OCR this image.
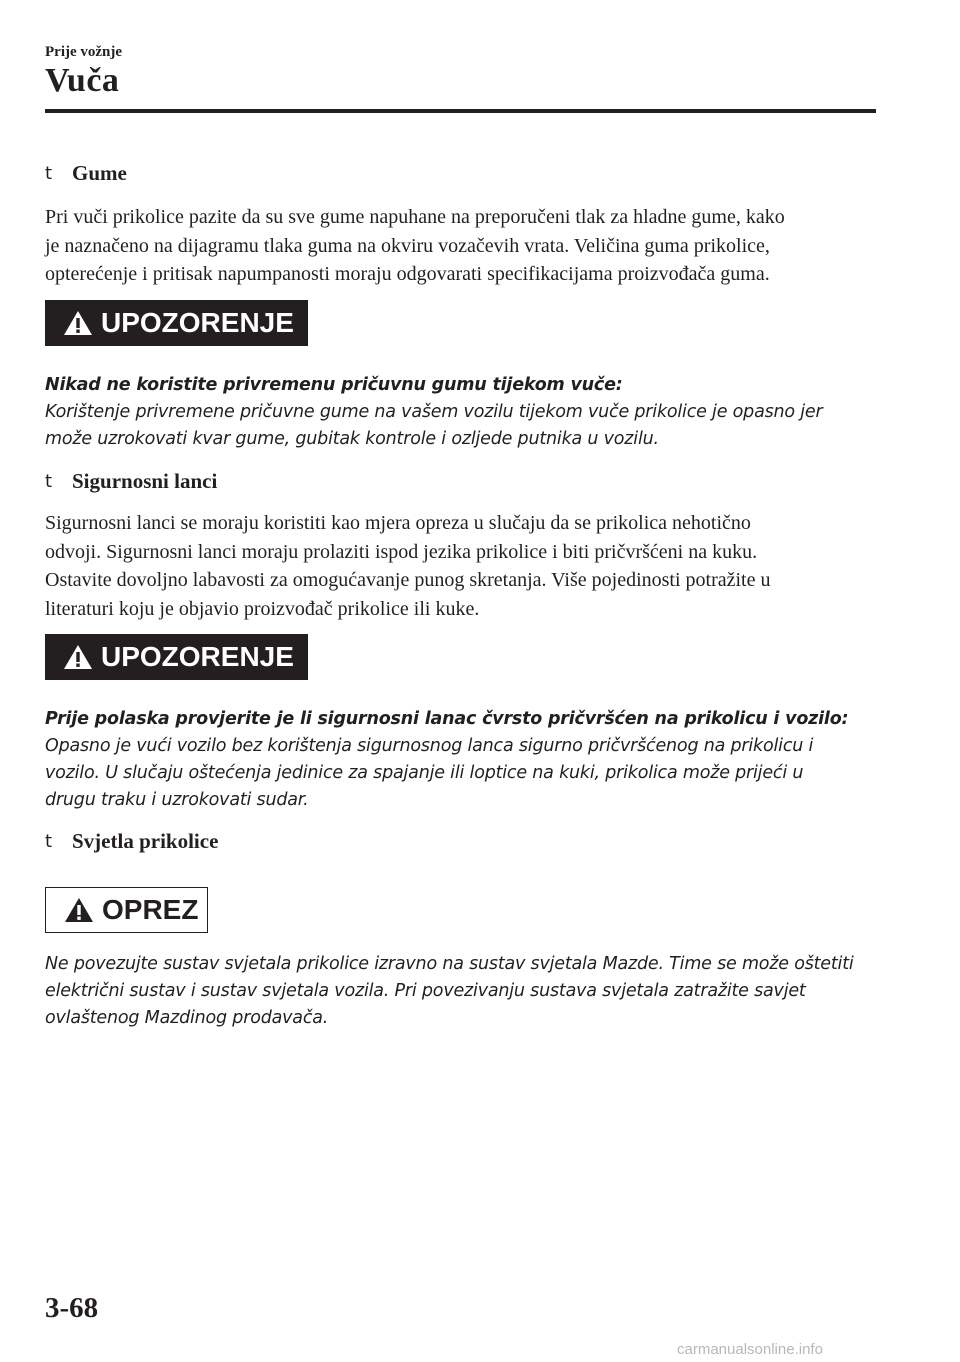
Prije vožnje
Vuča
t Gume
Pri vuči prikolice pazite da su sve gume napuhane na preporučeni tlak za hladne gume, kako
je naznačeno na dijagramu tlaka guma na okviru vozačevih vrata. Veličina guma prikolice,
opterećenje i pritisak napumpanosti moraju odgovarati specifikacijama proizvođača guma.
UPOZORENJE
Nikad ne koristite privremenu pričuvnu gumu tijekom vuče:
Korištenje privremene pričuvne gume na vašem vozilu tijekom vuče prikolice je opasno jer
može uzrokovati kvar gume, gubitak kontrole i ozljede putnika u vozilu.
t Sigurnosni lanci
Sigurnosni lanci se moraju koristiti kao mjera opreza u slučaju da se prikolica nehotično
odvoji. Sigurnosni lanci moraju prolaziti ispod jezika prikolice i biti pričvršćeni na kuku.
Ostavite dovoljno labavosti za omogućavanje punog skretanja. Više pojedinosti potražite u
literaturi koju je objavio proizvođač prikolice ili kuke.
UPOZORENJE
Prije polaska provjerite je li sigurnosni lanac čvrsto pričvršćen na prikolicu i vozilo:
Opasno je vući vozilo bez korištenja sigurnosnog lanca sigurno pričvršćenog na prikolicu i
vozilo. U slučaju oštećenja jedinice za spajanje ili loptice na kuki, prikolica može prijeći u
drugu traku i uzrokovati sudar.
t Svjetla prikolice
OPREZ
Ne povezujte sustav svjetala prikolice izravno na sustav svjetala Mazde. Time se može oštetiti
električni sustav i sustav svjetala vozila. Pri povezivanju sustava svjetala zatražite savjet
ovlaštenog Mazdinog prodavača.
3-68
carmanualsonline.info
